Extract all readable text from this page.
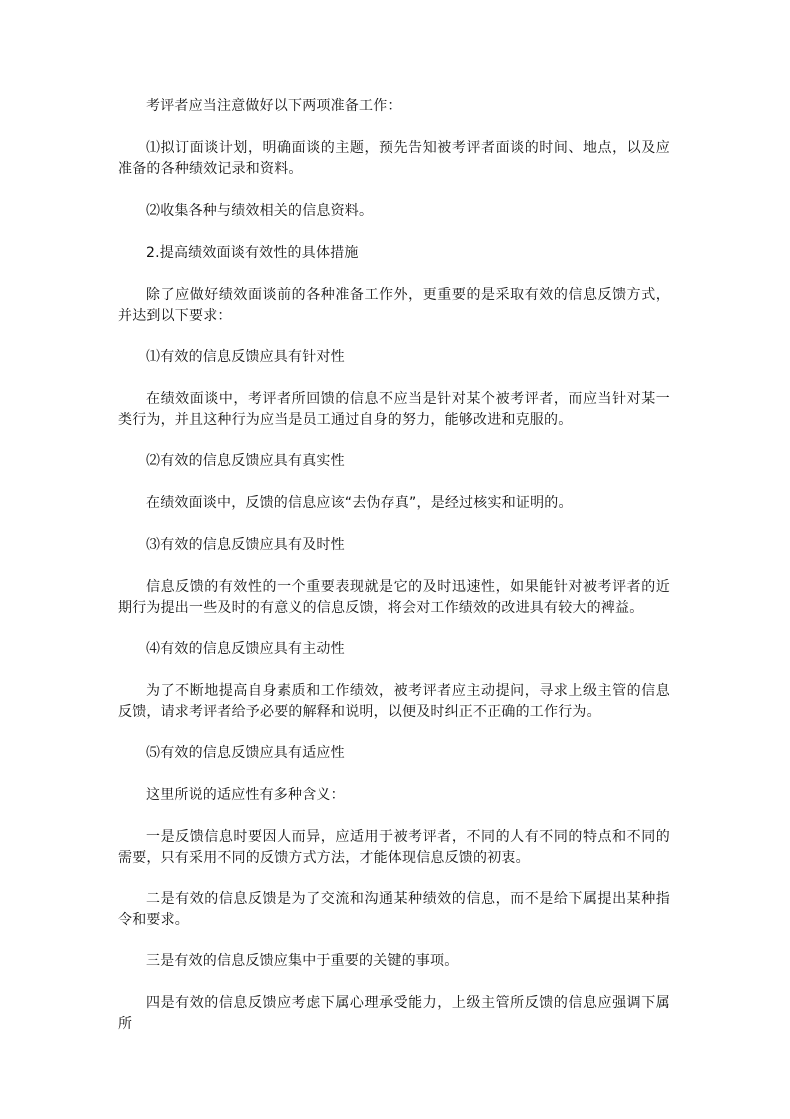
考评者应当注意做好以下两项准备工作：

⑴拟订面谈计划，明确面谈的主题，预先告知被考评者面谈的时间、地点，以及应准备的各种绩效记录和资料。

⑵收集各种与绩效相关的信息资料。

2.提高绩效面谈有效性的具体措施

除了应做好绩效面谈前的各种准备工作外，更重要的是采取有效的信息反馈方式，并达到以下要求：

⑴有效的信息反馈应具有针对性

在绩效面谈中，考评者所回馈的信息不应当是针对某个被考评者，而应当针对某一类行为，并且这种行为应当是员工通过自身的努力，能够改进和克服的。

⑵有效的信息反馈应具有真实性

在绩效面谈中，反馈的信息应该“去伪存真”，是经过核实和证明的。

⑶有效的信息反馈应具有及时性

信息反馈的有效性的一个重要表现就是它的及时迅速性，如果能针对被考评者的近期行为提出一些及时的有意义的信息反馈，将会对工作绩效的改进具有较大的裨益。

⑷有效的信息反馈应具有主动性

为了不断地提高自身素质和工作绩效，被考评者应主动提问，寻求上级主管的信息反馈，请求考评者给予必要的解释和说明，以便及时纠正不正确的工作行为。

⑸有效的信息反馈应具有适应性

这里所说的适应性有多种含义：

一是反馈信息时要因人而异，应适用于被考评者，不同的人有不同的特点和不同的需要，只有采用不同的反馈方式方法，才能体现信息反馈的初衷。

二是有效的信息反馈是为了交流和沟通某种绩效的信息，而不是给下属提出某种指令和要求。

三是有效的信息反馈应集中于重要的关键的事项。

四是有效的信息反馈应考虑下属心理承受能力，上级主管所反馈的信息应强调下属所
